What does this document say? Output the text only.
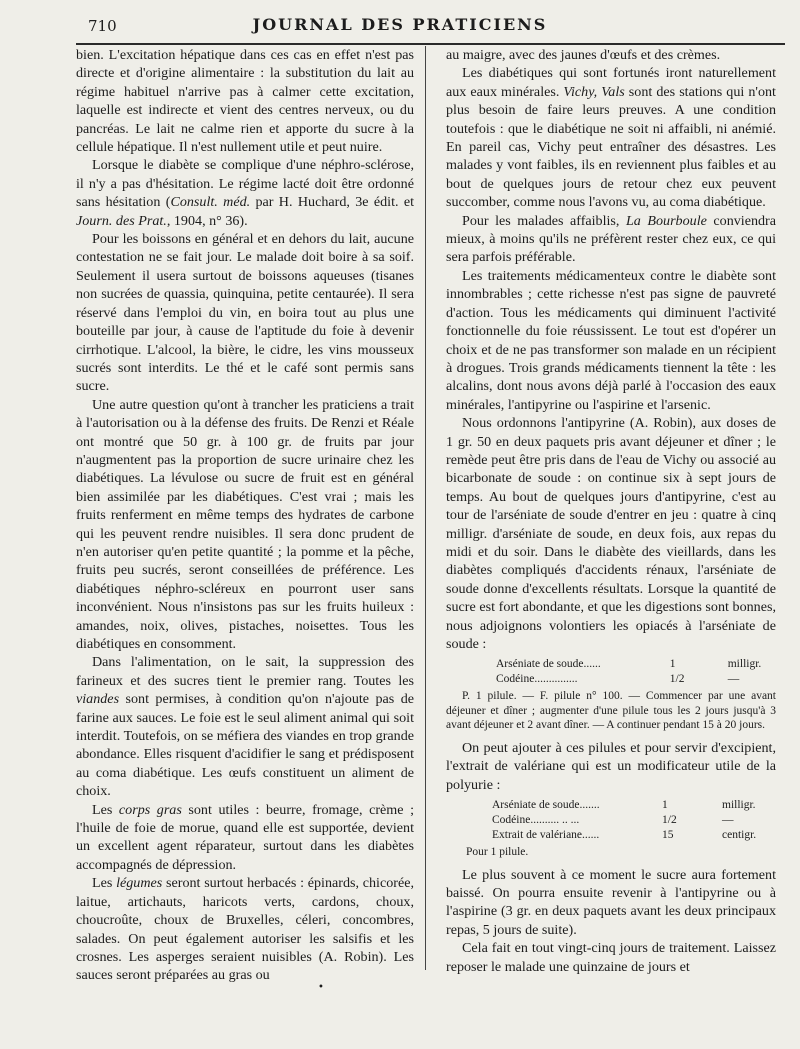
710	JOURNAL DES PRATICIENS

bien. L'excitation hépatique dans ces cas en effet n'est pas directe et d'origine alimentaire : la substitution du lait au régime habituel n'arrive pas à calmer cette excitation, laquelle est indirecte et vient des centres nerveux, ou du pancréas. Le lait ne calme rien et apporte du sucre à la cellule hépatique. Il n'est nullement utile et peut nuire.

Lorsque le diabète se complique d'une néphro-sclérose, il n'y a pas d'hésitation. Le régime lacté doit être ordonné sans hésitation (Consult. méd. par H. Huchard, 3e édit. et Journ. des Prat., 1904, n° 36).

Pour les boissons en général et en dehors du lait, aucune contestation ne se fait jour. Le malade doit boire à sa soif. Seulement il usera surtout de boissons aqueuses (tisanes non sucrées de quassia, quinquina, petite centaurée). Il sera réservé dans l'emploi du vin, en boira tout au plus une bouteille par jour, à cause de l'aptitude du foie à devenir cirrhotique. L'alcool, la bière, le cidre, les vins mousseux sucrés sont interdits. Le thé et le café sont permis sans sucre.

Une autre question qu'ont à trancher les praticiens a trait à l'autorisation ou à la défense des fruits. De Renzi et Réale ont montré que 50 gr. à 100 gr. de fruits par jour n'augmentent pas la proportion de sucre urinaire chez les diabétiques. La lévulose ou sucre de fruit est en général bien assimilée par les diabétiques. C'est vrai ; mais les fruits renferment en même temps des hydrates de carbone qui les peuvent rendre nuisibles. Il sera donc prudent de n'en autoriser qu'en petite quantité ; la pomme et la pêche, fruits peu sucrés, seront conseillées de préférence. Les diabétiques néphro-scléreux en pourront user sans inconvénient. Nous n'insistons pas sur les fruits huileux : amandes, noix, olives, pistaches, noisettes. Tous les diabétiques en consomment.

Dans l'alimentation, on le sait, la suppression des farineux et des sucres tient le premier rang. Toutes les viandes sont permises, à condition qu'on n'ajoute pas de farine aux sauces. Le foie est le seul aliment animal qui soit interdit. Toutefois, on se méfiera des viandes en trop grande abondance. Elles risquent d'acidifier le sang et prédisposent au coma diabétique. Les œufs constituent un aliment de choix.

Les corps gras sont utiles : beurre, fromage, crème ; l'huile de foie de morue, quand elle est supportée, devient un excellent agent réparateur, surtout dans les diabètes accompagnés de dépression.

Les légumes seront surtout herbacés : épinards, chicorée, laitue, artichauts, haricots verts, cardons, choux, choucroûte, choux de Bruxelles, céleri, concombres, salades. On peut également autoriser les salsifis et les crosnes. Les asperges seraient nuisibles (A. Robin). Les sauces seront préparées au gras ou

au maigre, avec des jaunes d'œufs et des crèmes.

Les diabétiques qui sont fortunés iront naturellement aux eaux minérales. Vichy, Vals sont des stations qui n'ont plus besoin de faire leurs preuves. A une condition toutefois : que le diabétique ne soit ni affaibli, ni anémié. En pareil cas, Vichy peut entraîner des désastres. Les malades y vont faibles, ils en reviennent plus faibles et au bout de quelques jours de retour chez eux peuvent succomber, comme nous l'avons vu, au coma diabétique.

Pour les malades affaiblis, La Bourboule conviendra mieux, à moins qu'ils ne préfèrent rester chez eux, ce qui sera parfois préférable.

Les traitements médicamenteux contre le diabète sont innombrables ; cette richesse n'est pas signe de pauvreté d'action. Tous les médicaments qui diminuent l'activité fonctionnelle du foie réussissent. Le tout est d'opérer un choix et de ne pas transformer son malade en un récipient à drogues. Trois grands médicaments tiennent la tête : les alcalins, dont nous avons déjà parlé à l'occasion des eaux minérales, l'antipyrine ou l'aspirine et l'arsenic.

Nous ordonnons l'antipyrine (A. Robin), aux doses de 1 gr. 50 en deux paquets pris avant déjeuner et dîner ; le remède peut être pris dans de l'eau de Vichy ou associé au bicarbonate de soude : on continue six à sept jours de temps. Au bout de quelques jours d'antipyrine, c'est au tour de l'arséniate de soude d'entrer en jeu : quatre à cinq milligr. d'arséniate de soude, en deux fois, aux repas du midi et du soir. Dans le diabète des vieillards, dans les diabètes compliqués d'accidents rénaux, l'arséniate de soude donne d'excellents résultats. Lorsque la quantité de sucre est fort abondante, et que les digestions sont bonnes, nous adjoignons volontiers les opiacés à l'arséniate de soude :

Arséniate de soude......	1	milligr.
Codéine...............	1/2	—

P. 1 pilule. — F. pilule n° 100. — Commencer par une avant déjeuner et dîner ; augmenter d'une pilule tous les 2 jours jusqu'à 3 avant déjeuner et 2 avant dîner. — A continuer pendant 15 à 20 jours.

On peut ajouter à ces pilules et pour servir d'excipient, l'extrait de valériane qui est un modificateur utile de la polyurie :

Arséniate de soude.......	1	milligr.
Codéine.......... .. ...	1/2	—
Extrait de valériane......	15	centigr.

Pour 1 pilule.

Le plus souvent à ce moment le sucre aura fortement baissé. On pourra ensuite revenir à l'antipyrine ou à l'aspirine (3 gr. en deux paquets avant les deux principaux repas, 5 jours de suite).

Cela fait en tout vingt-cinq jours de traitement. Laissez reposer le malade une quinzaine de jours et

•
